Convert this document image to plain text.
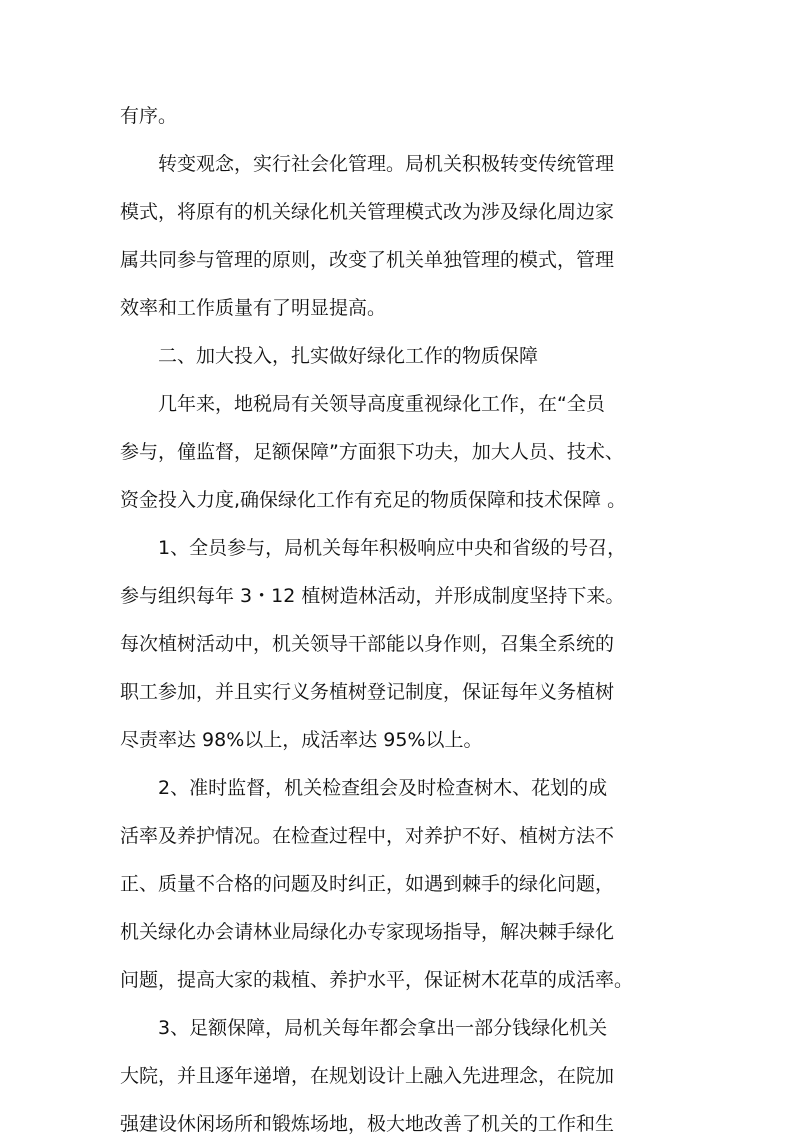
有序。
转变观念，实行社会化管理。局机关积极转变传统管理
模式，将原有的机关绿化机关管理模式改为涉及绿化周边家
属共同参与管理的原则，改变了机关单独管理的模式，管理
效率和工作质量有了明显提高。
二、加大投入，扎实做好绿化工作的物质保障
几年来，地税局有关领导高度重视绿化工作，在“全员
参与，僮监督，足额保障”方面狠下功夫，加大人员、技术、
资金投入力度,确保绿化工作有充足的物质保障和技术保障 。
1、全员参与，局机关每年积极响应中央和省级的号召，
参与组织每年 3・12 植树造林活动，并形成制度坚持下来。
每次植树活动中，机关领导干部能以身作则，召集全系统的
职工参加，并且实行义务植树登记制度，保证每年义务植树
尽责率达 98%以上，成活率达 95%以上。
2、准时监督，机关检查组会及时检查树木、花划的成
活率及养护情况。在检查过程中，对养护不好、植树方法不
正、质量不合格的问题及时纠正，如遇到棘手的绿化问题，
机关绿化办会请林业局绿化办专家现场指导，解决棘手绿化
问题，提高大家的栽植、养护水平，保证树木花草的成活率。
3、足额保障，局机关每年都会拿出一部分钱绿化机关
大院，并且逐年递增，在规划设计上融入先进理念，在院加
强建设休闲场所和锻炼场地，极大地改善了机关的工作和生
